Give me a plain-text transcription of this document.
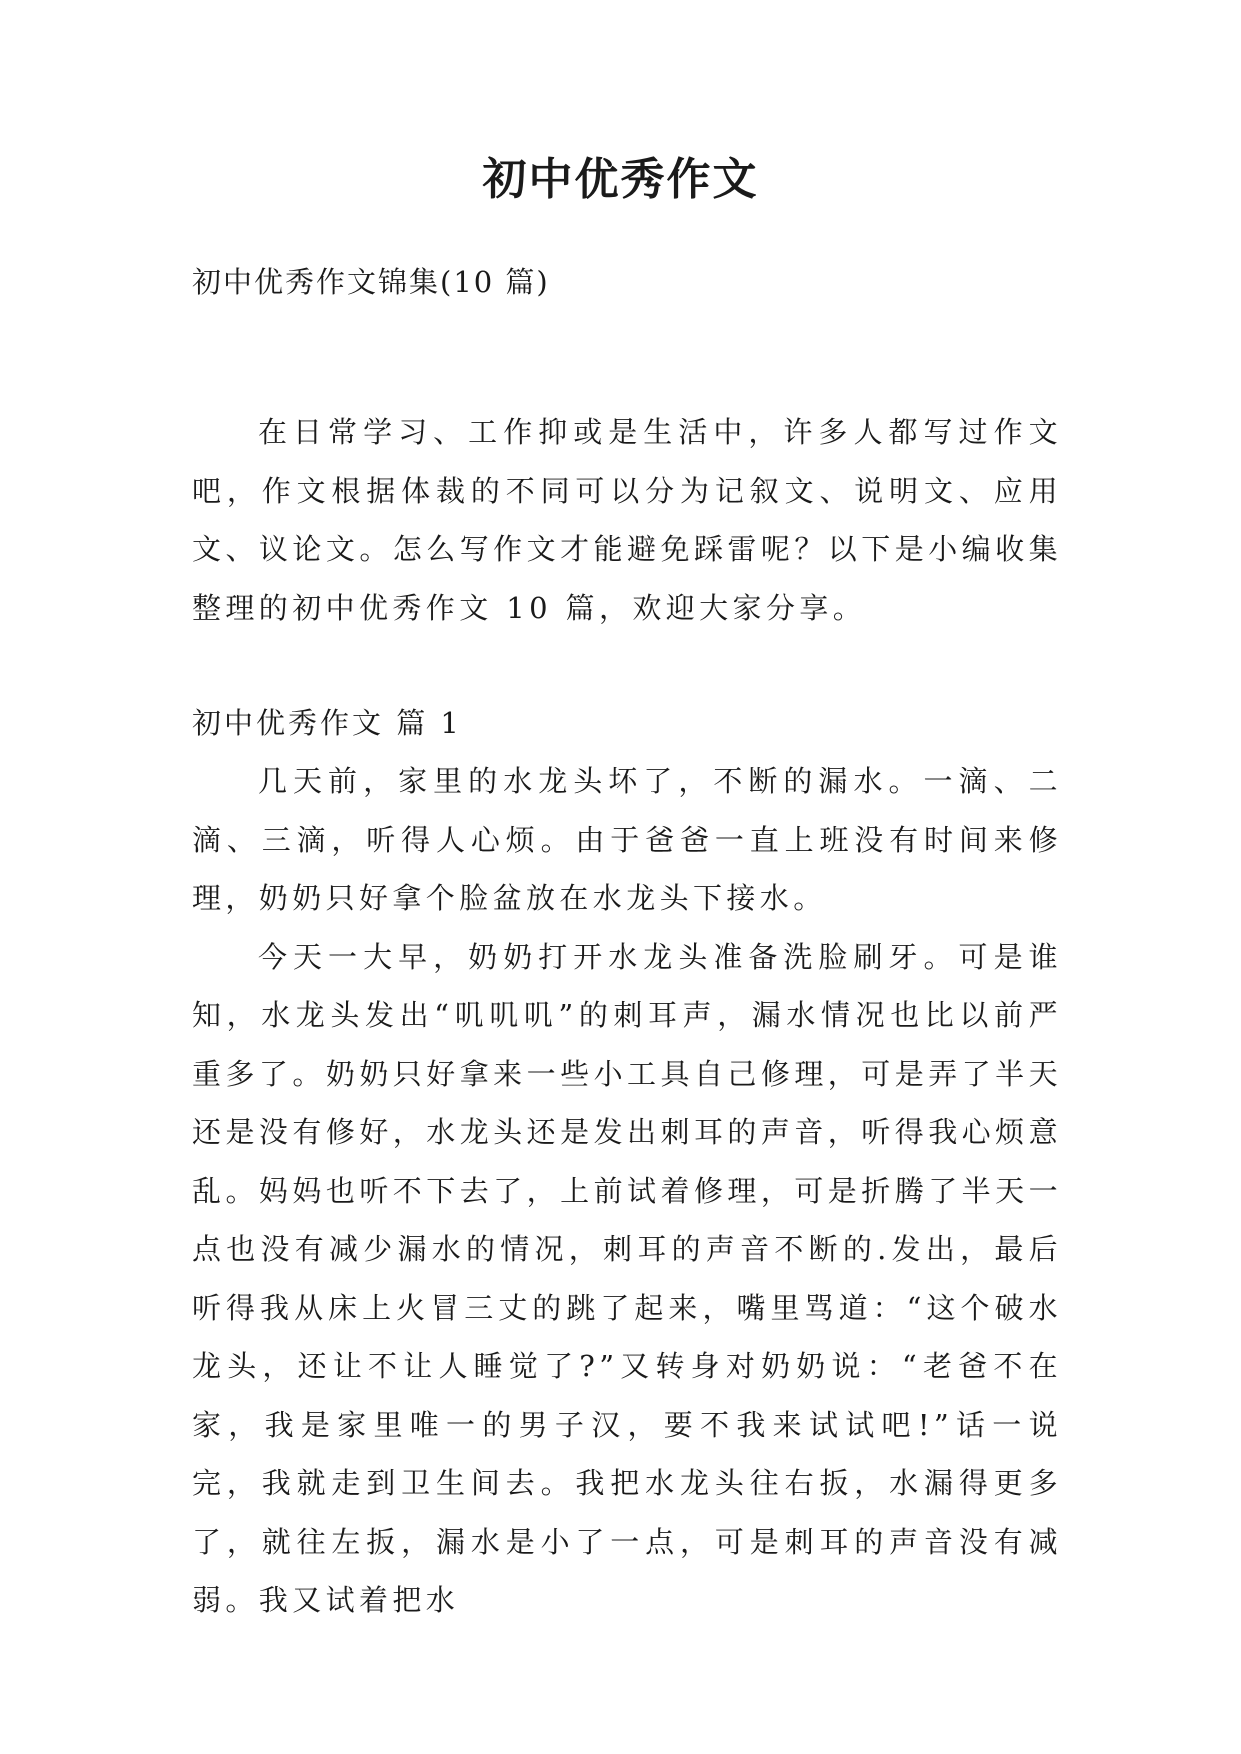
初中优秀作文
初中优秀作文锦集(10 篇)

在日常学习、工作抑或是生活中，许多人都写过作文吧，作文根据体裁的不同可以分为记叙文、说明文、应用文、议论文。怎么写作文才能避免踩雷呢？以下是小编收集整理的初中优秀作文 10 篇，欢迎大家分享。

初中优秀作文 篇 1

几天前，家里的水龙头坏了，不断的漏水。一滴、二滴、三滴，听得人心烦。由于爸爸一直上班没有时间来修理，奶奶只好拿个脸盆放在水龙头下接水。

今天一大早，奶奶打开水龙头准备洗脸刷牙。可是谁知，水龙头发出“叽叽叽”的刺耳声，漏水情况也比以前严重多了。奶奶只好拿来一些小工具自己修理，可是弄了半天还是没有修好，水龙头还是发出刺耳的声音，听得我心烦意乱。妈妈也听不下去了，上前试着修理，可是折腾了半天一点也没有减少漏水的情况，刺耳的声音不断的.发出，最后听得我从床上火冒三丈的跳了起来，嘴里骂道：“这个破水龙头，还让不让人睡觉了?”又转身对奶奶说：“老爸不在家，我是家里唯一的男子汉，要不我来试试吧!”话一说完，我就走到卫生间去。我把水龙头往右扳，水漏得更多了，就往左扳，漏水是小了一点，可是刺耳的声音没有减弱。我又试着把水
